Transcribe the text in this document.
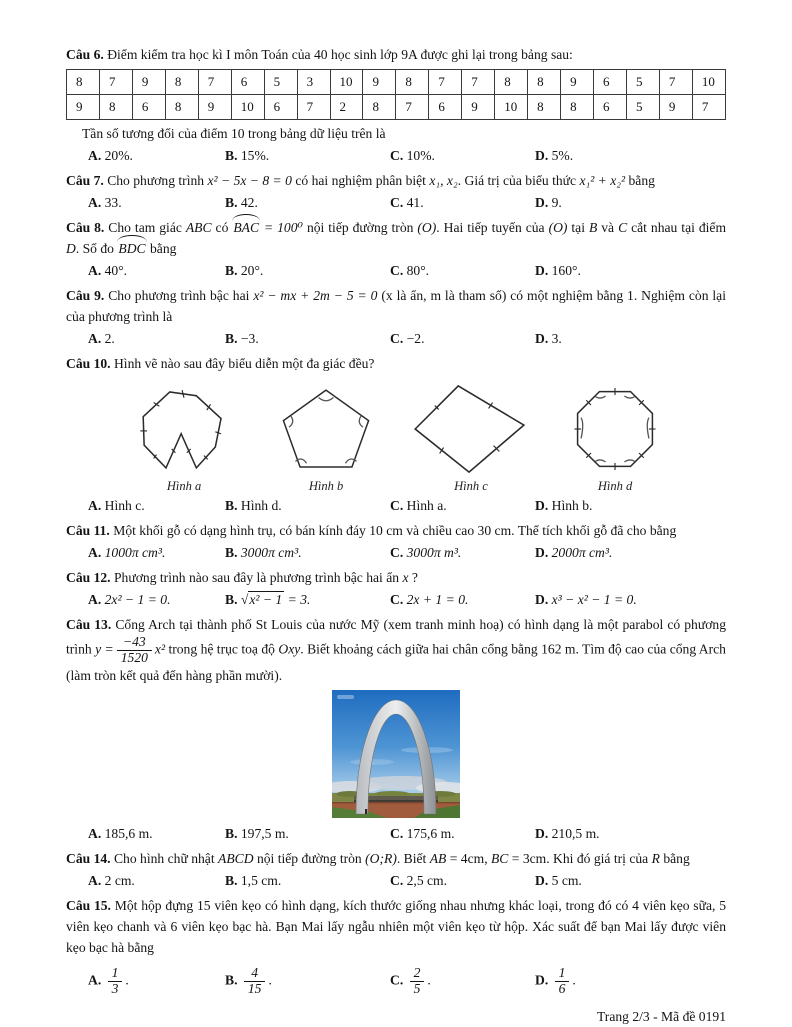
Câu 6. Điểm kiểm tra học kì I môn Toán của 40 học sinh lớp 9A được ghi lại trong bảng sau:

8	7	9	8	7	6	5	3	10	9	8	7	7	8	8	9	6	5	7	10
9	8	6	8	9	10	6	7	2	8	7	6	9	10	8	8	6	5	9	7

Tần số tương đối của điểm 10 trong bảng dữ liệu trên là

A. 20%.	B. 15%.	C. 10%.	D. 5%.

Câu 7. Cho phương trình x² − 5x − 8 = 0 có hai nghiệm phân biệt x₁, x₂. Giá trị của biểu thức x₁² + x₂² bằng

A. 33.	B. 42.	C. 41.	D. 9.

Câu 8. Cho tam giác ABC có BAC = 100⁰ nội tiếp đường tròn (O). Hai tiếp tuyến của (O) tại B và C cắt nhau tại điểm D. Số đo BDC bằng

A. 40°.	B. 20°.	C. 80°.	D. 160°.

Câu 9. Cho phương trình bậc hai x² − mx + 2m − 5 = 0 (x là ẩn, m là tham số) có một nghiệm bằng 1. Nghiệm còn lại của phương trình là

A. 2.	B. −3.	C. −2.	D. 3.

Câu 10. Hình vẽ nào sau đây biểu diễn một đa giác đều?

Hình a	Hình b	Hình c	Hình d
A. Hình c.	B. Hình d.	C. Hình a.	D. Hình b.

Câu 11. Một khối gỗ có dạng hình trụ, có bán kính đáy 10 cm và chiều cao 30 cm. Thể tích khối gỗ đã cho bằng

A. 1000π cm³.	B. 3000π cm³.	C. 3000π m³.	D. 2000π cm³.

Câu 12. Phương trình nào sau đây là phương trình bậc hai ẩn x ?

A. 2x² − 1 = 0.	B. √x² − 1 = 3.	C. 2x + 1 = 0.	D. x³ − x² − 1 = 0.

Câu 13. Cổng Arch tại thành phố St Louis của nước Mỹ (xem tranh minh hoạ) có hình dạng là một parabol có phương trình $y = \frac{-43}{1520} x^2$ trong hệ trục toạ độ Oxy. Biết khoảng cách giữa hai chân cổng bằng 162 m. Tìm độ cao của cổng Arch (làm tròn kết quả đến hàng phần mười).

A. 185,6 m.	B. 197,5 m.	C. 175,6 m.	D. 210,5 m.

Câu 14. Cho hình chữ nhật ABCD nội tiếp đường tròn (O;R). Biết AB = 4cm, BC = 3cm. Khi đó giá trị của R bằng

A. 2 cm.	B. 1,5 cm.	C. 2,5 cm.	D. 5 cm.

Câu 15. Một hộp đựng 15 viên kẹo có hình dạng, kích thước giống nhau nhưng khác loại, trong đó có 4 viên kẹo sữa, 5 viên kẹo chanh và 6 viên kẹo bạc hà. Bạn Mai lấy ngẫu nhiên một viên kẹo từ hộp. Xác suất để bạn Mai lấy được viên kẹo bạc hà bằng

A. $\frac{1}{3}$ .	B. $\frac{4}{15}$ .	C. $\frac{2}{5}$ .	D. $\frac{1}{6}$ .

Trang 2/3 - Mã đề 0191
